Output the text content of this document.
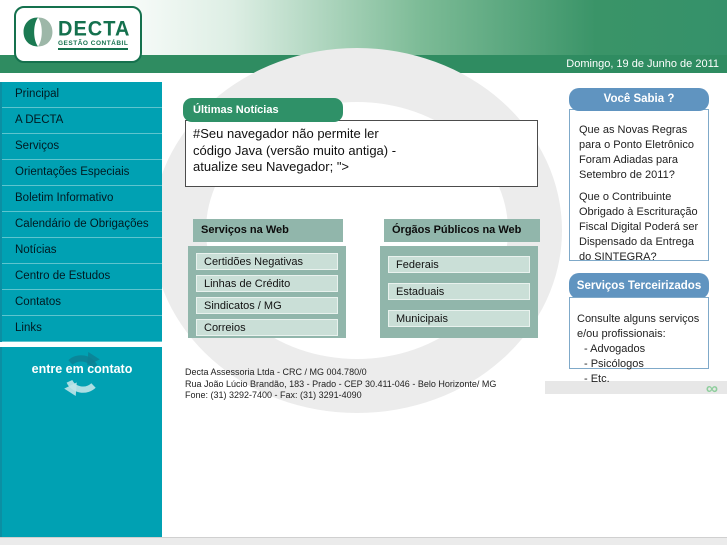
Domingo, 19 de Junho de 2011
DECTA
GESTÃO CONTÁBIL
Principal
A DECTA
Serviços
Orientações Especiais
Boletim Informativo
Calendário de Obrigações
Notícias
Centro de Estudos
Contatos
Links
entre em contato
Últimas Notícias
#Seu navegador não permite ler código Java (versão muito antiga) - atualize seu Navegador; ">
Serviços na Web
Certidões Negativas
Linhas de Crédito
Sindicatos / MG
Correios
Órgãos Públicos na Web
Federais
Estaduais
Municipais
Decta Assessoria Ltda - CRC / MG 004.780/0
Rua João Lúcio Brandão, 183 - Prado - CEP 30.411-046 - Belo Horizonte/ MG
Fone: (31) 3292-7400 - Fax: (31) 3291-4090
Você Sabia ?

Que as Novas Regras para o Ponto Eletrônico Foram Adiadas para Setembro de 2011?

Que o Contribuinte Obrigado à Escrituração Fiscal Digital Poderá ser Dispensado da Entrega do SINTEGRA?

Serviços Terceirizados
Consulte alguns serviços e/ou profissionais:
- Advogados
- Psicólogos
- Etc.	∞
